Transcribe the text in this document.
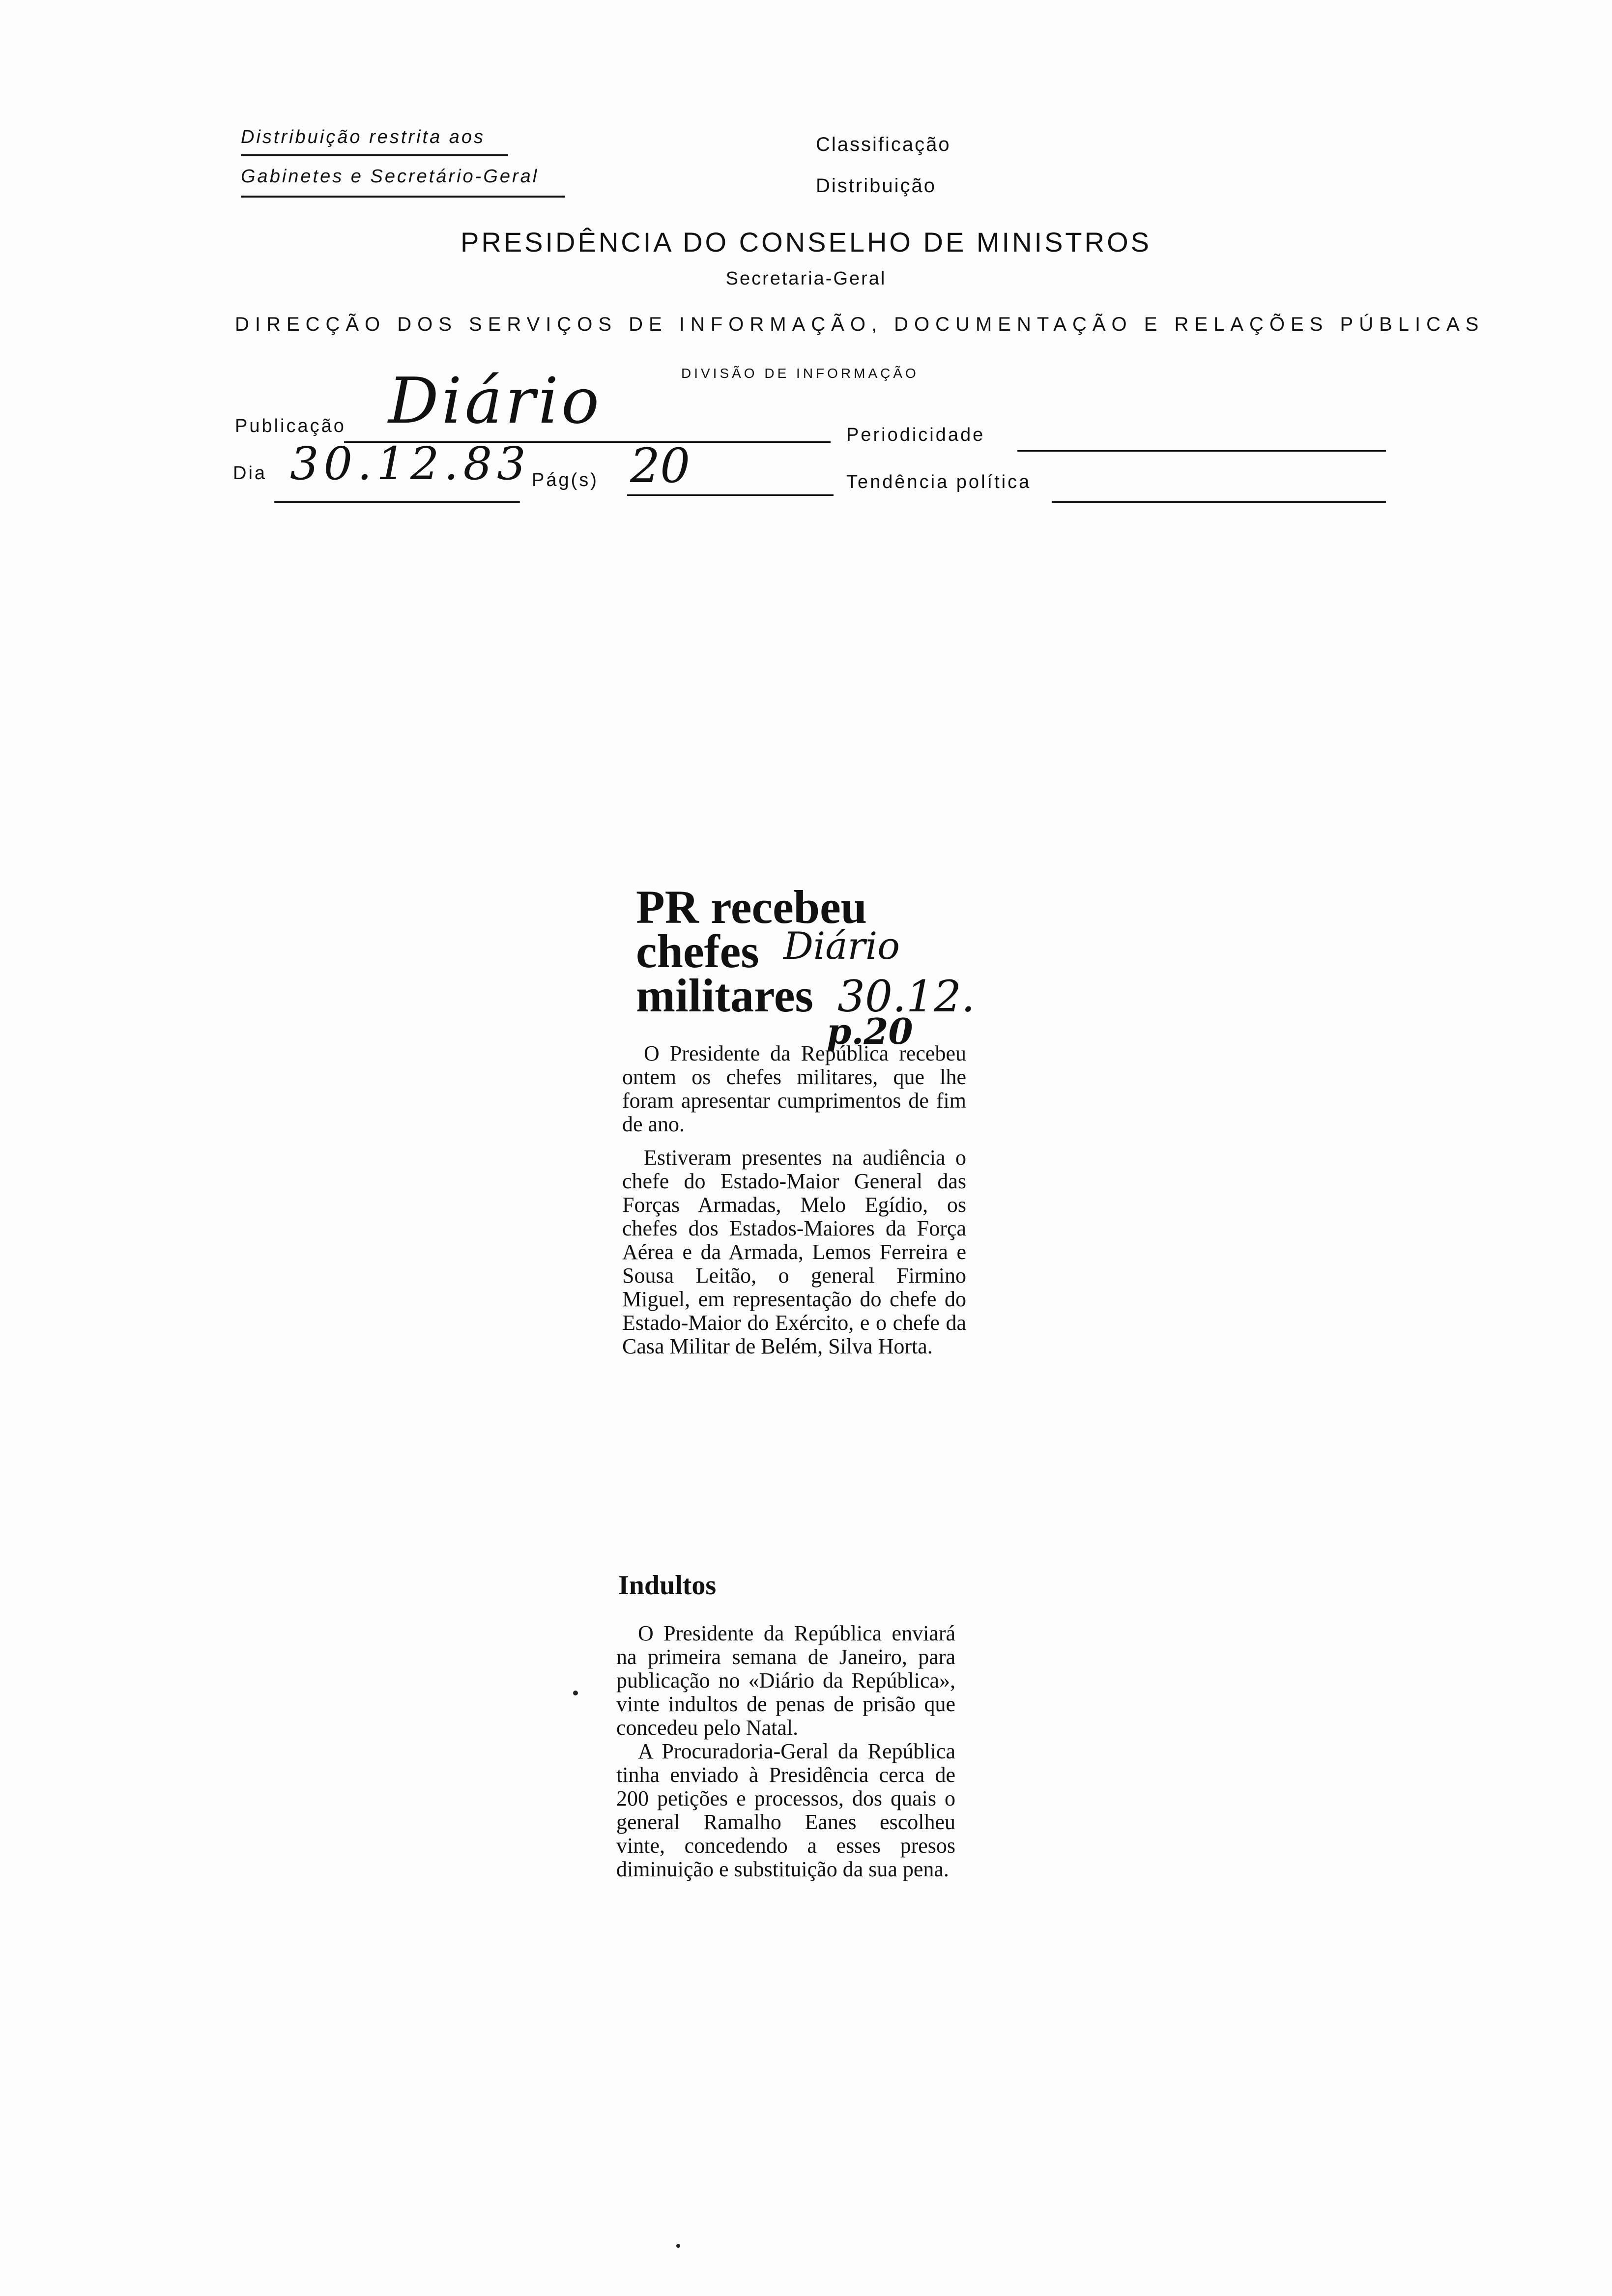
Distribuição restrita aos
Gabinetes e Secretário-Geral
Classificação
Distribuição
PRESIDÊNCIA DO CONSELHO DE MINISTROS
Secretaria-Geral
DIRECÇÃO DOS SERVIÇOS DE INFORMAÇÃO, DOCUMENTAÇÃO E RELAÇÕES PÚBLICAS
DIVISÃO DE INFORMAÇÃO
Publicação Diário	Periodicidade
Dia 30.12.83 Pág(s) 20	Tendência política
PR recebeu
chefes
militares
Diário
30.12.
p.20

O Presidente da República recebeu ontem os chefes militares, que lhe foram apresentar cumprimentos de fim de ano.

Estiveram presentes na audiência o chefe do Estado-Maior General das Forças Armadas, Melo Egídio, os chefes dos Estados-Maiores da Força Aérea e da Armada, Lemos Ferreira e Sousa Leitão, o general Firmino Miguel, em representação do chefe do Estado-Maior do Exército, e o chefe da Casa Militar de Belém, Silva Horta.

Indultos

O Presidente da República enviará na primeira semana de Janeiro, para publicação no «Diário da República», vinte indultos de penas de prisão que concedeu pelo Natal.

A Procuradoria-Geral da República tinha enviado à Presidência cerca de 200 petições e processos, dos quais o general Ramalho Eanes escolheu vinte, concedendo a esses presos diminuição e substituição da sua pena.
